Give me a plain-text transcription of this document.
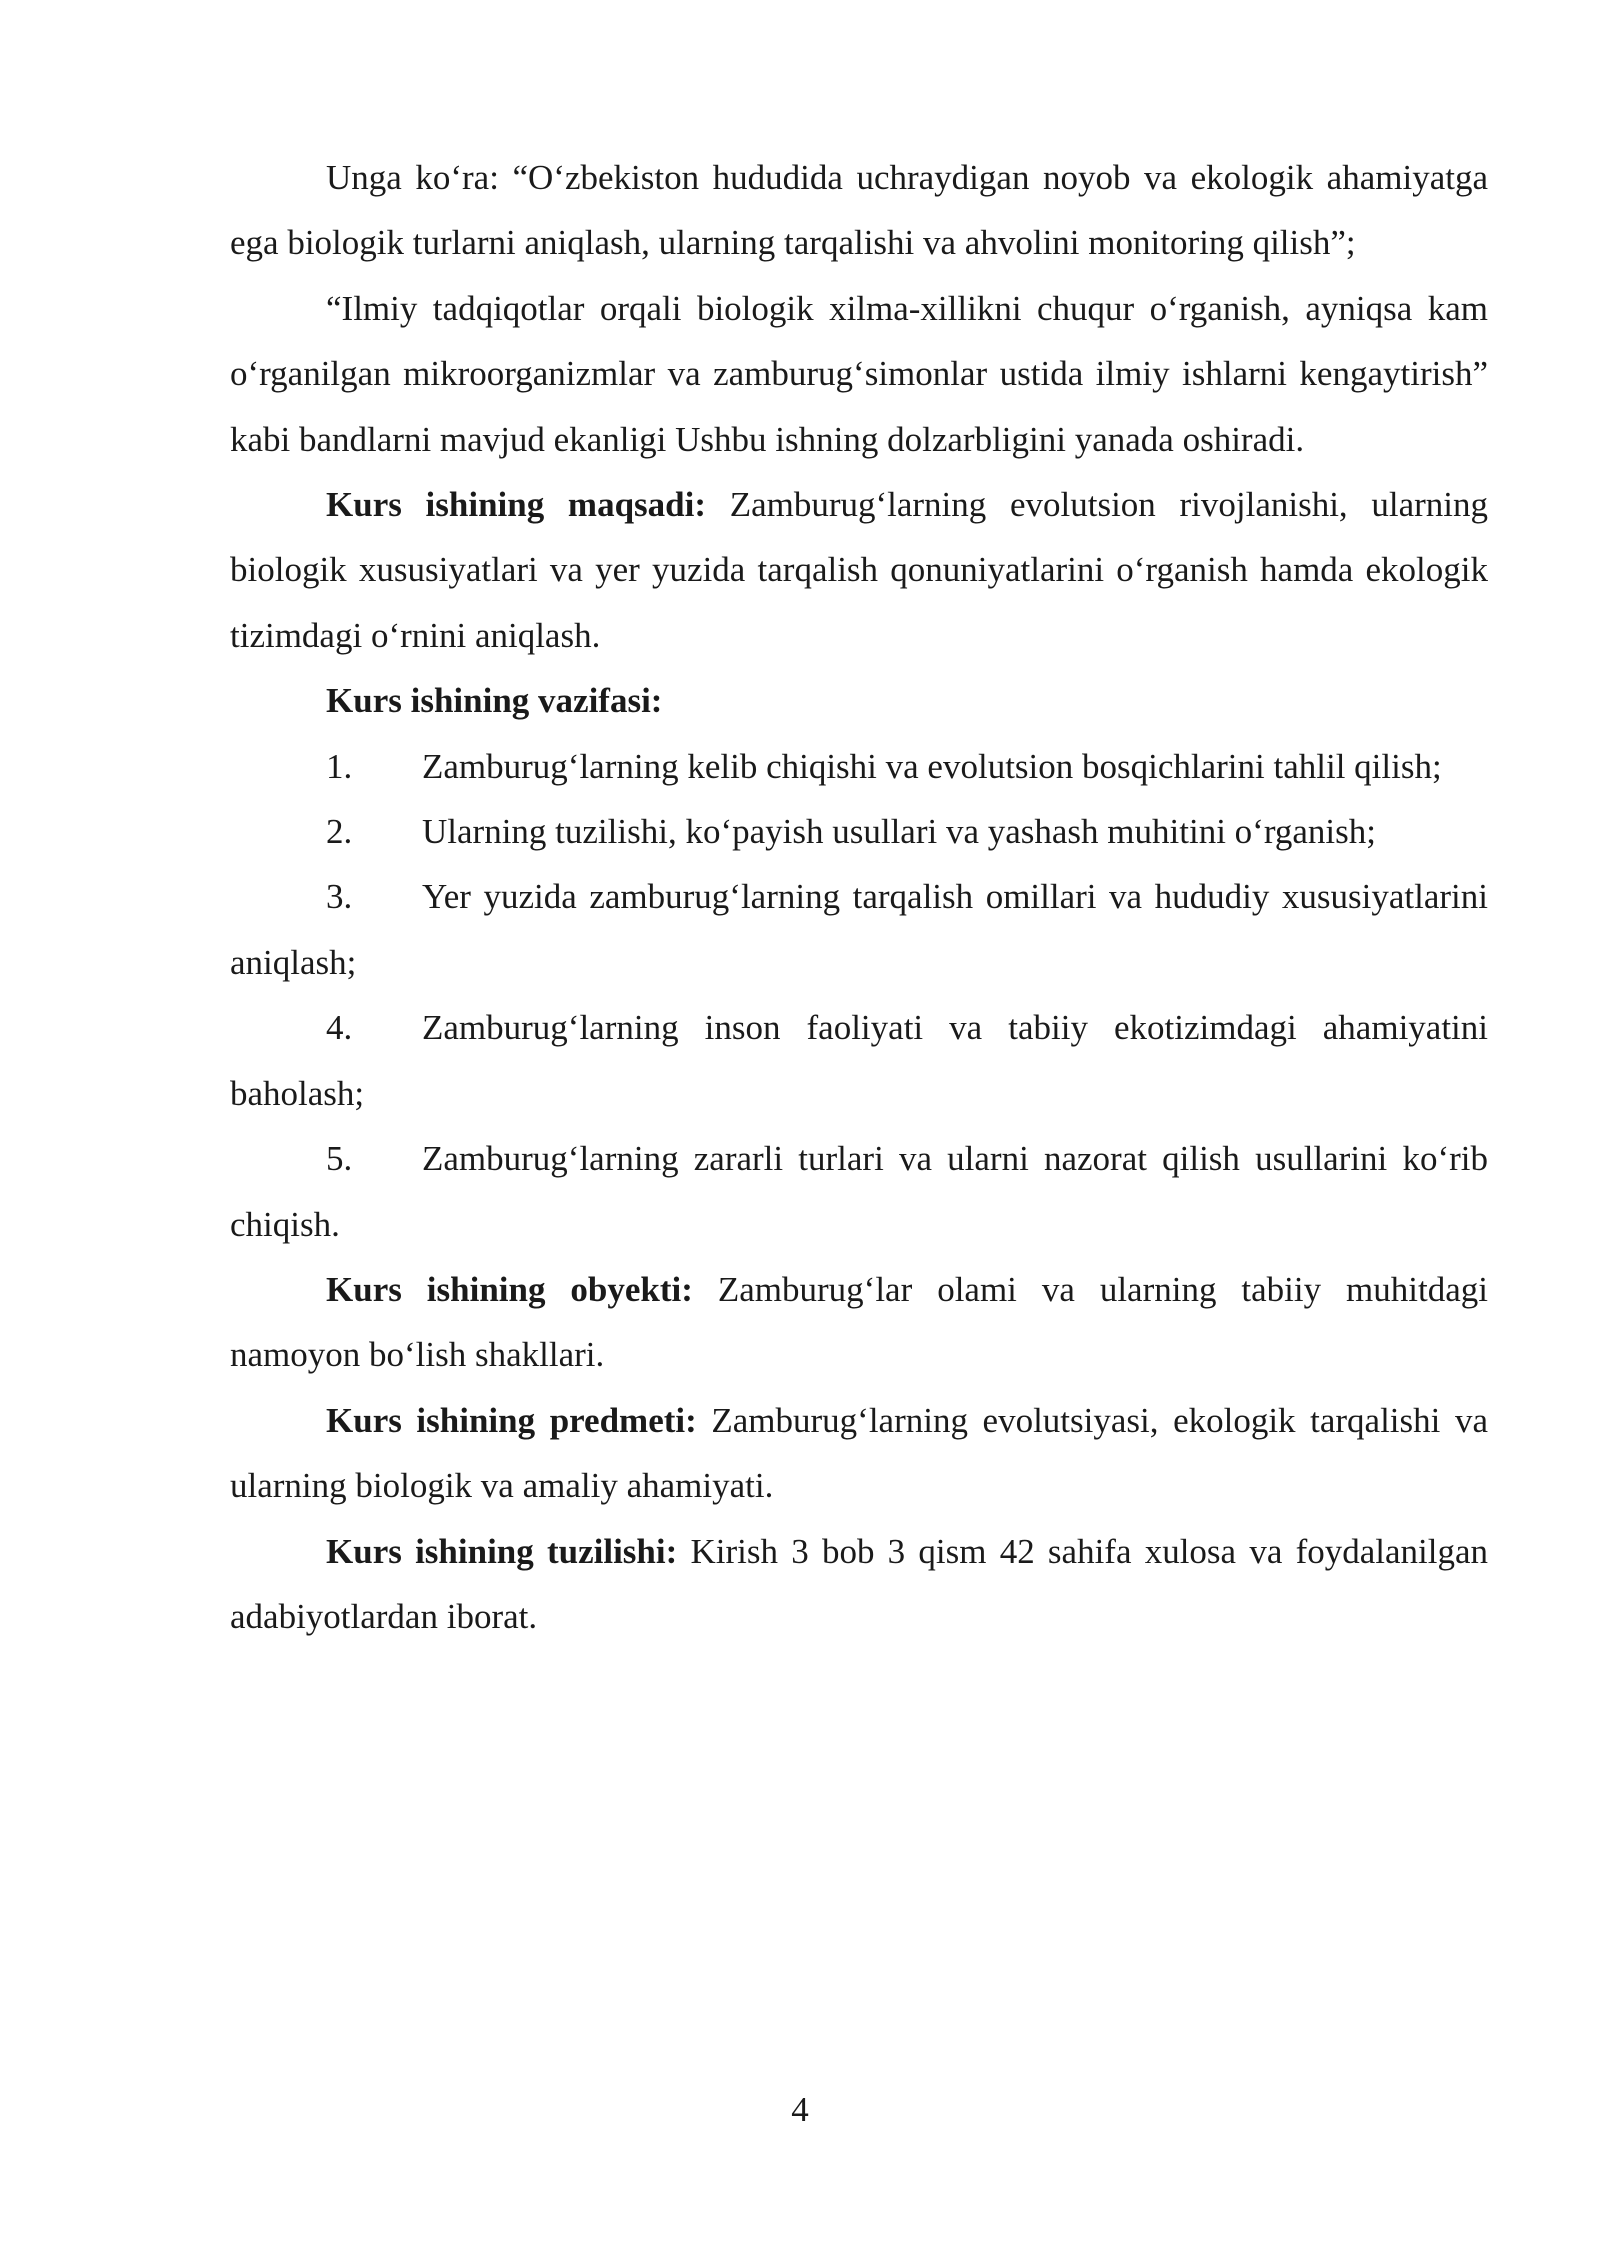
Unga ko‘ra: “O‘zbekiston hududida uchraydigan noyob va ekologik ahamiyatga ega biologik turlarni aniqlash, ularning tarqalishi va ahvolini monitoring qilish”;

“Ilmiy tadqiqotlar orqali biologik xilma-xillikni chuqur o‘rganish, ayniqsa kam o‘rganilgan mikroorganizmlar va zamburug‘simonlar ustida ilmiy ishlarni kengaytirish” kabi bandlarni mavjud ekanligi Ushbu ishning dolzarbligini yanada oshiradi.

Kurs ishining maqsadi: Zamburug‘larning evolutsion rivojlanishi, ularning biologik xususiyatlari va yer yuzida tarqalish qonuniyatlarini o‘rganish hamda ekologik tizimdagi o‘rnini aniqlash.

Kurs ishining vazifasi:

1. Zamburug‘larning kelib chiqishi va evolutsion bosqichlarini tahlil qilish;

2. Ularning tuzilishi, ko‘payish usullari va yashash muhitini o‘rganish;

3. Yer yuzida zamburug‘larning tarqalish omillari va hududiy xususiyatlarini aniqlash;

4. Zamburug‘larning inson faoliyati va tabiiy ekotizimdagi ahamiyatini baholash;

5. Zamburug‘larning zararli turlari va ularni nazorat qilish usullarini ko‘rib chiqish.

Kurs ishining obyekti: Zamburug‘lar olami va ularning tabiiy muhitdagi namoyon bo‘lish shakllari.

Kurs ishining predmeti: Zamburug‘larning evolutsiyasi, ekologik tarqalishi va ularning biologik va amaliy ahamiyati.

Kurs ishining tuzilishi: Kirish 3 bob 3 qism 42 sahifa xulosa va foydalanilgan adabiyotlardan iborat.

4
